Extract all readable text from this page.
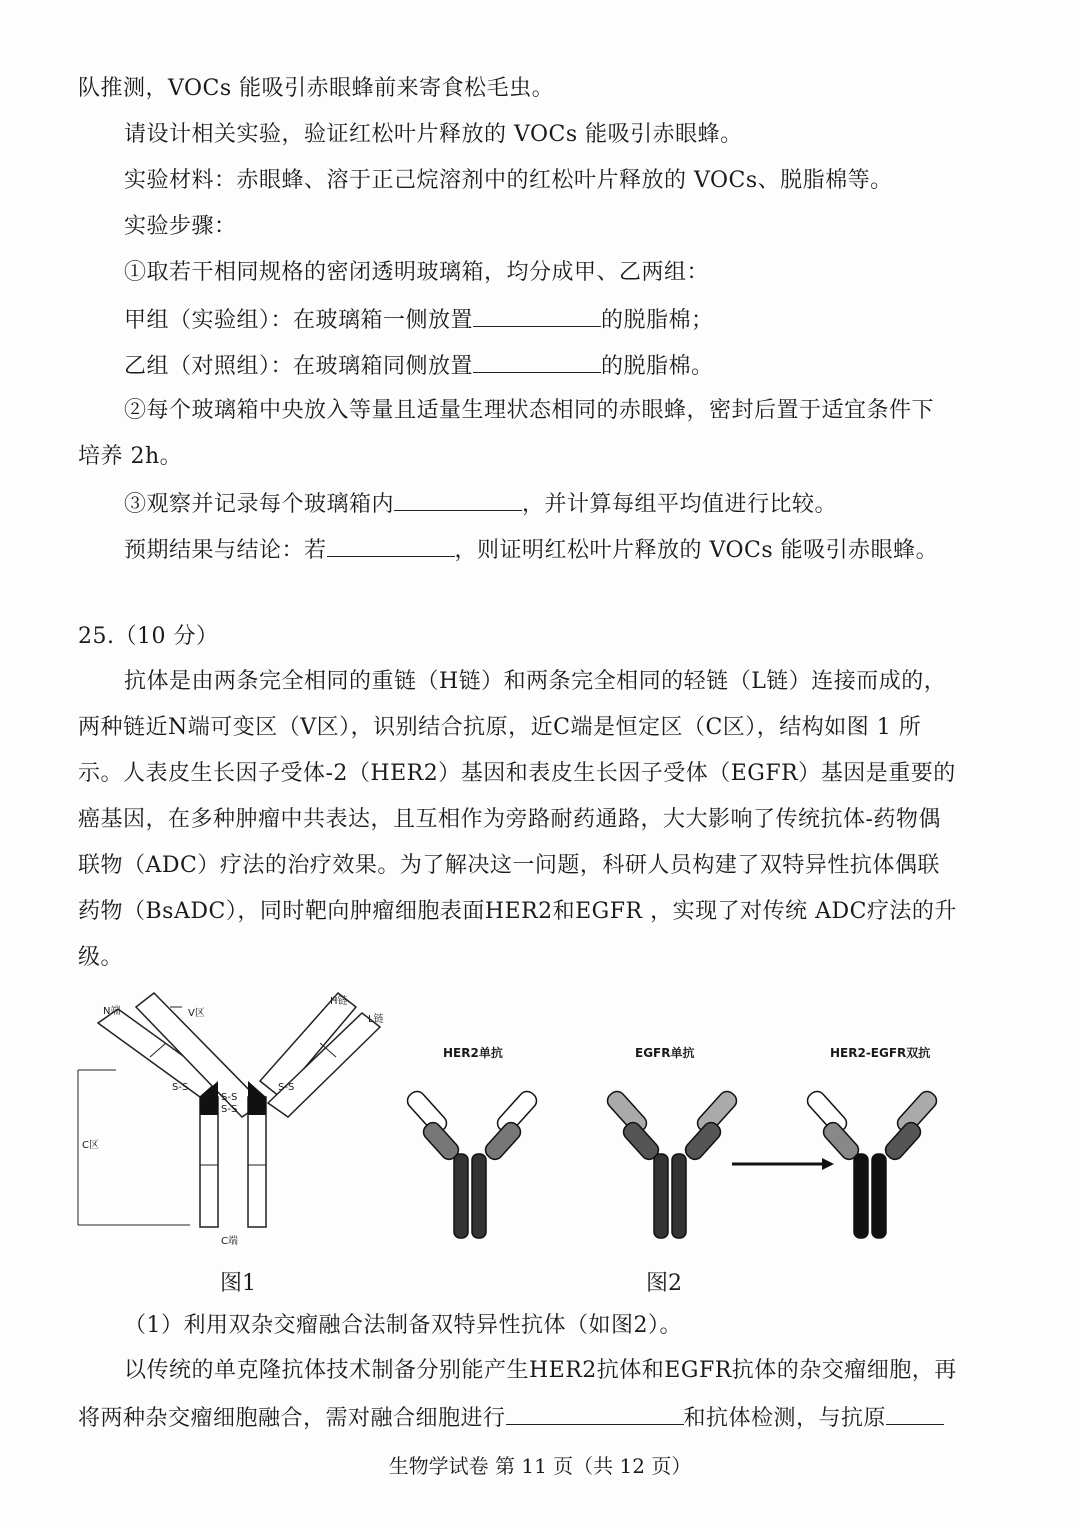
队推测，VOCs 能吸引赤眼蜂前来寄食松毛虫。
请设计相关实验，验证红松叶片释放的 VOCs 能吸引赤眼蜂。
实验材料：赤眼蜂、溶于正己烷溶剂中的红松叶片释放的 VOCs、脱脂棉等。
实验步骤：
①取若干相同规格的密闭透明玻璃箱，均分成甲、乙两组：
甲组（实验组）：在玻璃箱一侧放置	的脱脂棉；
乙组（对照组）：在玻璃箱同侧放置	的脱脂棉。
②每个玻璃箱中央放入等量且适量生理状态相同的赤眼蜂，密封后置于适宜条件下
培养 2h。
③观察并记录每个玻璃箱内	，并计算每组平均值进行比较。
预期结果与结论：若	，则证明红松叶片释放的 VOCs 能吸引赤眼蜂。
25.（10 分）
抗体是由两条完全相同的重链（H链）和两条完全相同的轻链（L链）连接而成的，
两种链近N端可变区（V区），识别结合抗原，近C端是恒定区（C区），结构如图 1 所
示。人表皮生长因子受体-2（HER2）基因和表皮生长因子受体（EGFR）基因是重要的
癌基因，在多种肿瘤中共表达，且互相作为旁路耐药通路，大大影响了传统抗体-药物偶
联物（ADC）疗法的治疗效果。为了解决这一问题，科研人员构建了双特异性抗体偶联
药物（BsADC），同时靶向肿瘤细胞表面HER2和EGFR ，实现了对传统 ADC疗法的升
级。
N端	V区
H链
L链
C区
C端
S-S
S-S
S-S	S-S
图1
HER2单抗	EGFR单抗	HER2-EGFR双抗
图2
（1）利用双杂交瘤融合法制备双特异性抗体（如图2）。
以传统的单克隆抗体技术制备分别能产生HER2抗体和EGFR抗体的杂交瘤细胞，再
将两种杂交瘤细胞融合，需对融合细胞进行	和抗体检测，与抗原
生物学试卷 第 11 页（共 12 页）
